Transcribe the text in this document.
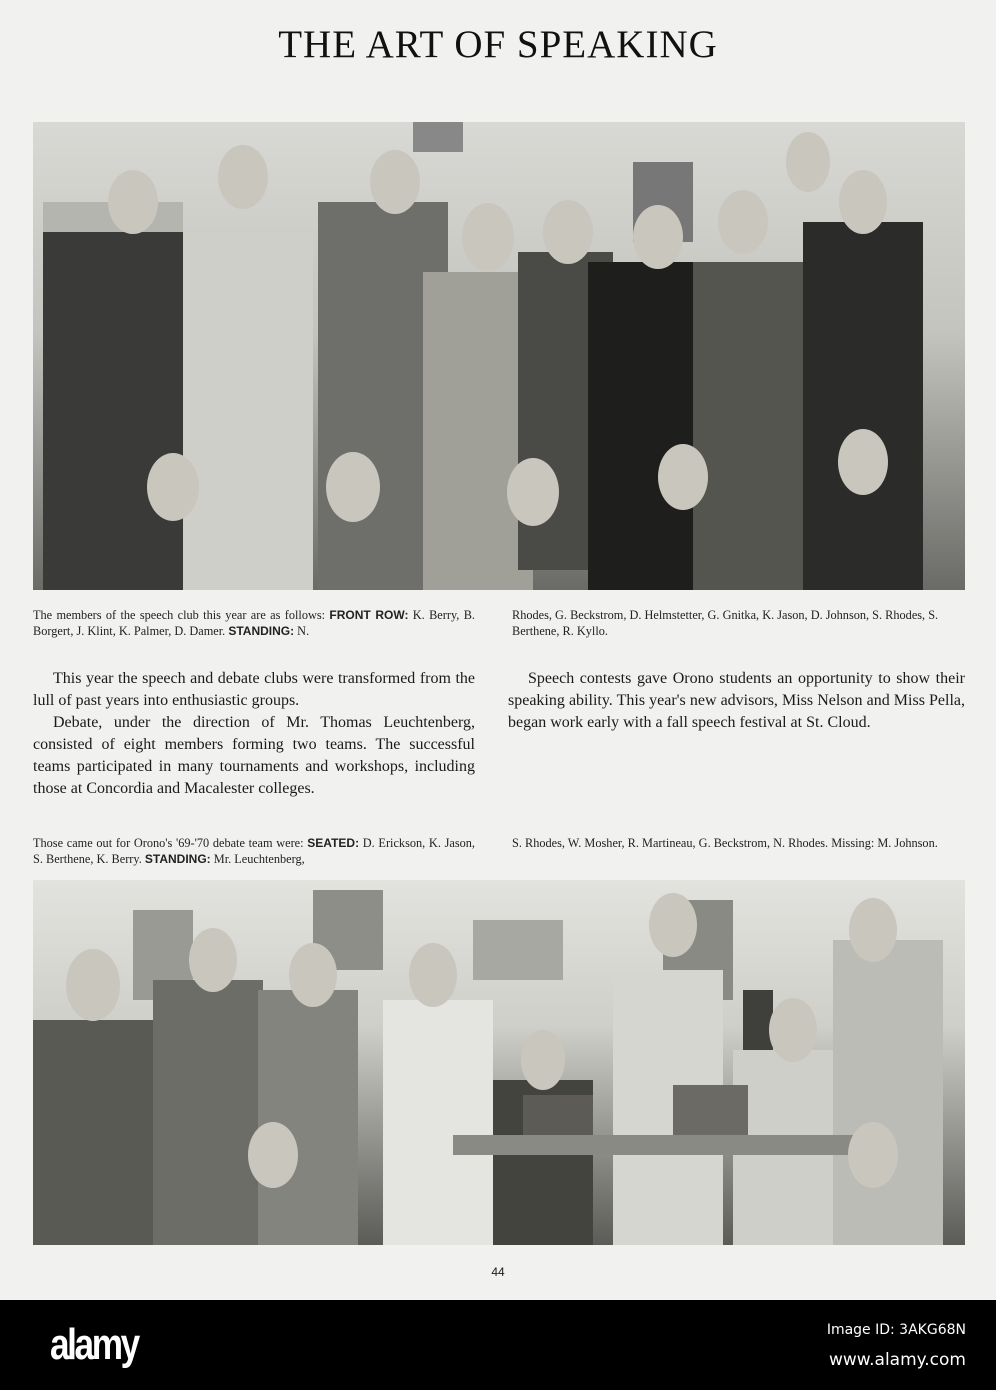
THE ART OF SPEAKING
The members of the speech club this year are as follows: FRONT ROW: K. Berry, B. Borgert, J. Klint, K. Palmer, D. Damer. STANDING: N.
Rhodes, G. Beckstrom, D. Helmstetter, G. Gnitka, K. Jason, D. Johnson, S. Rhodes, S. Berthene, R. Kyllo.

This year the speech and debate clubs were transformed from the lull of past years into enthusiastic groups.

Debate, under the direction of Mr. Thomas Leuchtenberg, consisted of eight members forming two teams. The successful teams participated in many tournaments and workshops, including those at Concordia and Macalester colleges.

Speech contests gave Orono students an opportunity to show their speaking ability. This year's new advisors, Miss Nelson and Miss Pella, began work early with a fall speech festival at St. Cloud.

Those came out for Orono's '69-'70 debate team were: SEATED: D. Erickson, K. Jason, S. Berthene, K. Berry. STANDING: Mr. Leuchtenberg,
S. Rhodes, W. Mosher, R. Martineau, G. Beckstrom, N. Rhodes. Missing: M. Johnson.
44
alamy	Image ID: 3AKG68N
www.alamy.com
